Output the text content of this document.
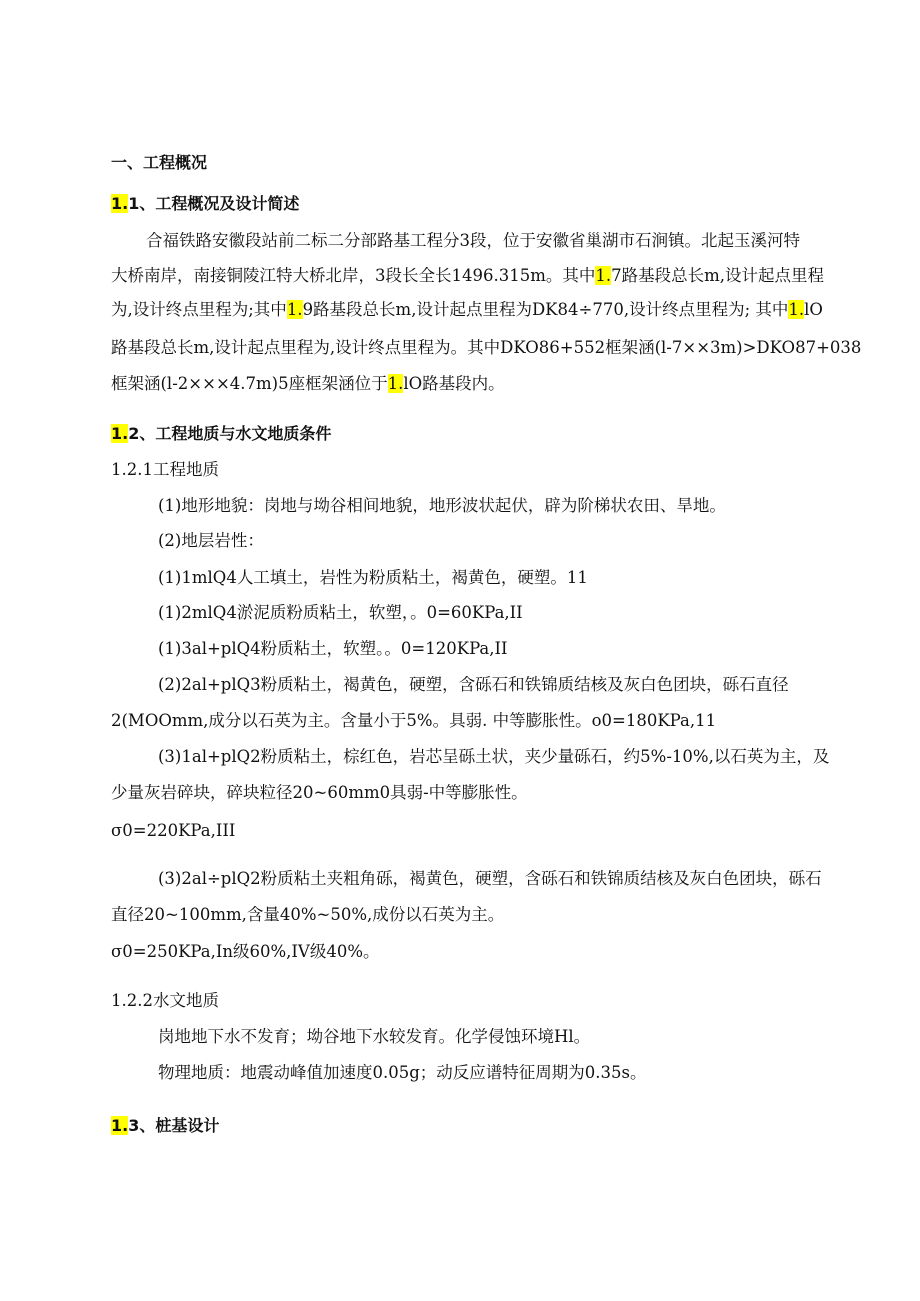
一、工程概况
1.1、工程概况及设计简述
合福铁路安徽段站前二标二分部路基工程分3段，位于安徽省巢湖市石涧镇。北起玉溪河特
大桥南岸，南接铜陵江特大桥北岸，3段长全长1496.315m。其中1.7路基段总长m,设计起点里程
为,设计终点里程为;其中1.9路基段总长m,设计起点里程为DK84÷770,设计终点里程为; 其中1.lO
路基段总长m,设计起点里程为,设计终点里程为。其中DKO86+552框架涵(l-7××3m)>DKO87+038
框架涵(l-2×××4.7m)5座框架涵位于1.lO路基段内。
1.2、工程地质与水文地质条件
1.2.1工程地质
(1)地形地貌：岗地与坳谷相间地貌，地形波状起伏，辟为阶梯状农田、旱地。
(2)地层岩性：
(1)1mlQ4人工填土，岩性为粉质粘土，褐黄色，硬塑。11
(1)2mlQ4淤泥质粉质粘土，软塑，。0=60KPa,II
(1)3al+plQ4粉质粘土，软塑。。0=120KPa,II
(2)2al+plQ3粉质粘土，褐黄色，硬塑，含砾石和铁锦质结核及灰白色团块，砾石直径
2(MOOmm,成分以石英为主。含量小于5%。具弱. 中等膨胀性。o0=180KPa,11
(3)1al+plQ2粉质粘土，棕红色，岩芯呈砾土状，夹少量砾石，约5%-10%,以石英为主，及
少量灰岩碎块，碎块粒径20~60mm0具弱-中等膨胀性。
σ0=220KPa,III
(3)2al÷plQ2粉质粘土夹粗角砾，褐黄色，硬塑，含砾石和铁锦质结核及灰白色团块，砾石
直径20~100mm,含量40%~50%,成份以石英为主。
σ0=250KPa,In级60%,IV级40%。
1.2.2水文地质
岗地地下水不发育；坳谷地下水较发育。化学侵蚀环境Hl。
物理地质：地震动峰值加速度0.05g；动反应谱特征周期为0.35s。
1.3、桩基设计
